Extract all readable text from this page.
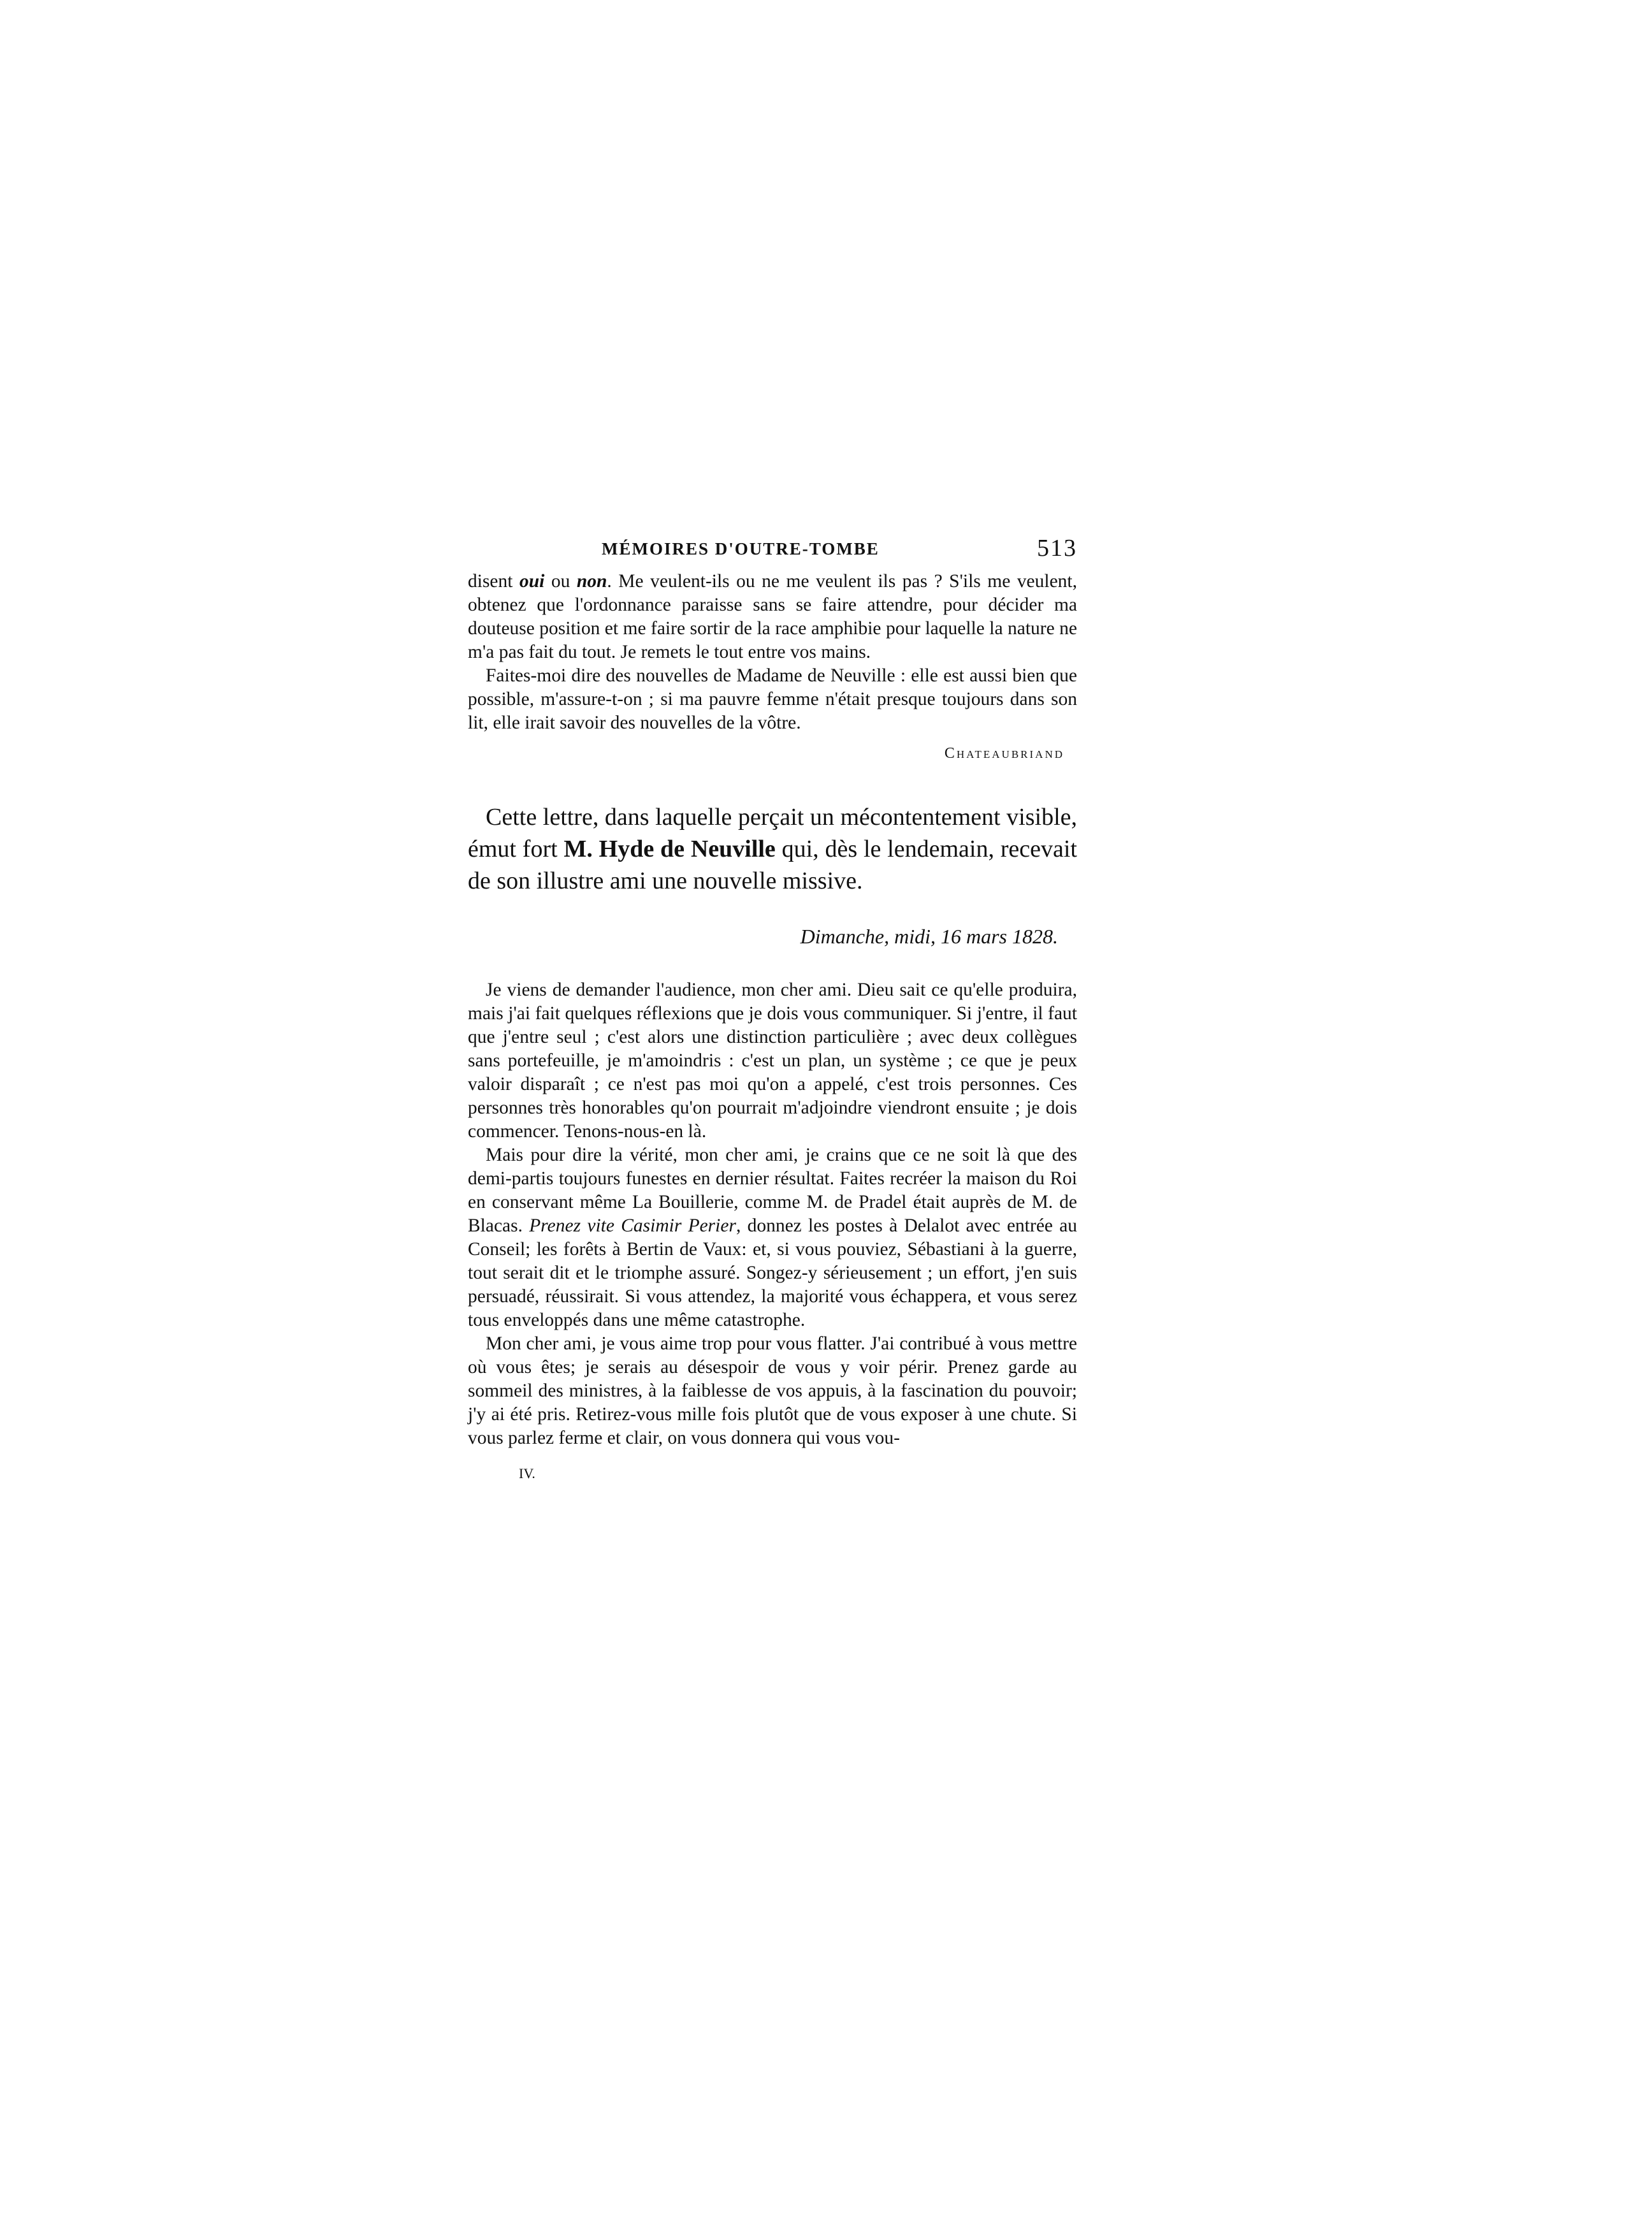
MÉMOIRES D'OUTRE-TOMBE	513

disent oui ou non. Me veulent-ils ou ne me veulent ils pas ? S'ils me veulent, obtenez que l'ordonnance paraisse sans se faire attendre, pour décider ma douteuse position et me faire sortir de la race amphibie pour laquelle la nature ne m'a pas fait du tout. Je remets le tout entre vos mains.

Faites-moi dire des nouvelles de Madame de Neuville : elle est aussi bien que possible, m'assure-t-on ; si ma pauvre femme n'était presque toujours dans son lit, elle irait savoir des nouvelles de la vôtre.

Chateaubriand

Cette lettre, dans laquelle perçait un mécontentement visible, émut fort M. Hyde de Neuville qui, dès le lendemain, recevait de son illustre ami une nouvelle missive.

Dimanche, midi, 16 mars 1828.

Je viens de demander l'audience, mon cher ami. Dieu sait ce qu'elle produira, mais j'ai fait quelques réflexions que je dois vous communiquer. Si j'entre, il faut que j'entre seul ; c'est alors une distinction particulière ; avec deux collègues sans portefeuille, je m'amoindris : c'est un plan, un système ; ce que je peux valoir disparaît ; ce n'est pas moi qu'on a appelé, c'est trois personnes. Ces personnes très honorables qu'on pourrait m'adjoindre viendront ensuite ; je dois commencer. Tenons-nous-en là.

Mais pour dire la vérité, mon cher ami, je crains que ce ne soit là que des demi-partis toujours funestes en dernier résultat. Faites recréer la maison du Roi en conservant même La Bouillerie, comme M. de Pradel était auprès de M. de Blacas. Prenez vite Casimir Perier, donnez les postes à Delalot avec entrée au Conseil; les forêts à Bertin de Vaux: et, si vous pouviez, Sébastiani à la guerre, tout serait dit et le triomphe assuré. Songez-y sérieusement ; un effort, j'en suis persuadé, réussirait. Si vous attendez, la majorité vous échappera, et vous serez tous enveloppés dans une même catastrophe.

Mon cher ami, je vous aime trop pour vous flatter. J'ai contribué à vous mettre où vous êtes; je serais au désespoir de vous y voir périr. Prenez garde au sommeil des ministres, à la faiblesse de vos appuis, à la fascination du pouvoir; j'y ai été pris. Retirez-vous mille fois plutôt que de vous exposer à une chute. Si vous parlez ferme et clair, on vous donnera qui vous vou-

IV.
